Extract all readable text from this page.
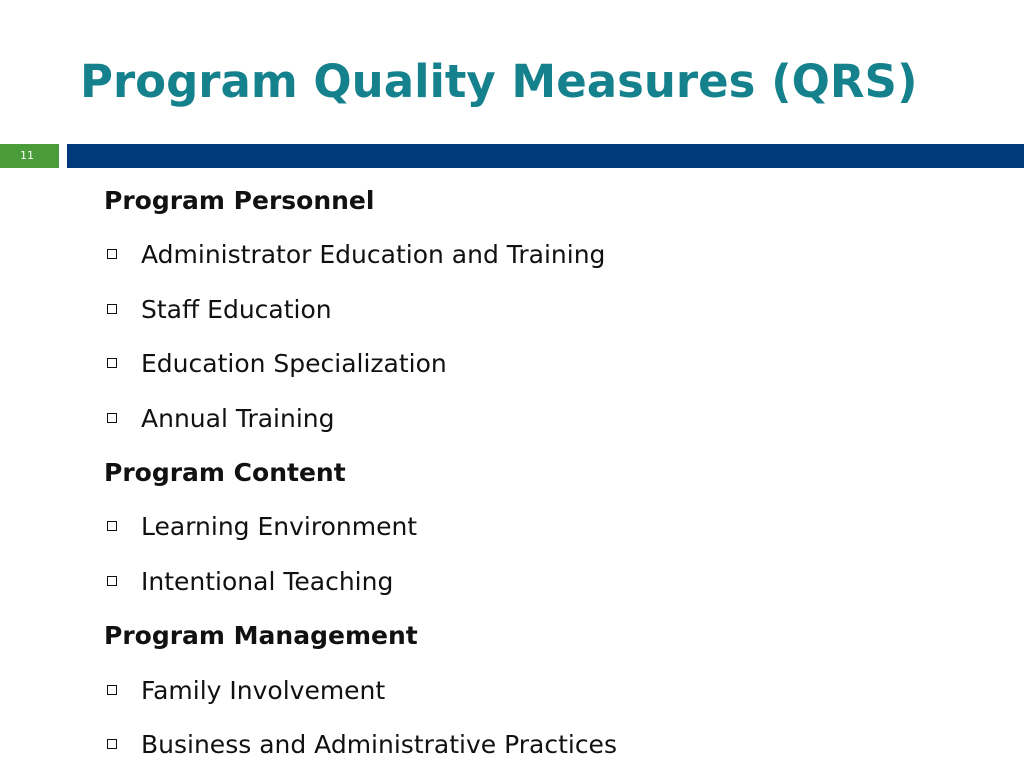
Program Quality Measures (QRS)
11
Program Personnel
Administrator Education and Training
Staff Education
Education Specialization
Annual Training
Program Content
Learning Environment
Intentional Teaching
Program Management
Family Involvement
Business and Administrative Practices
